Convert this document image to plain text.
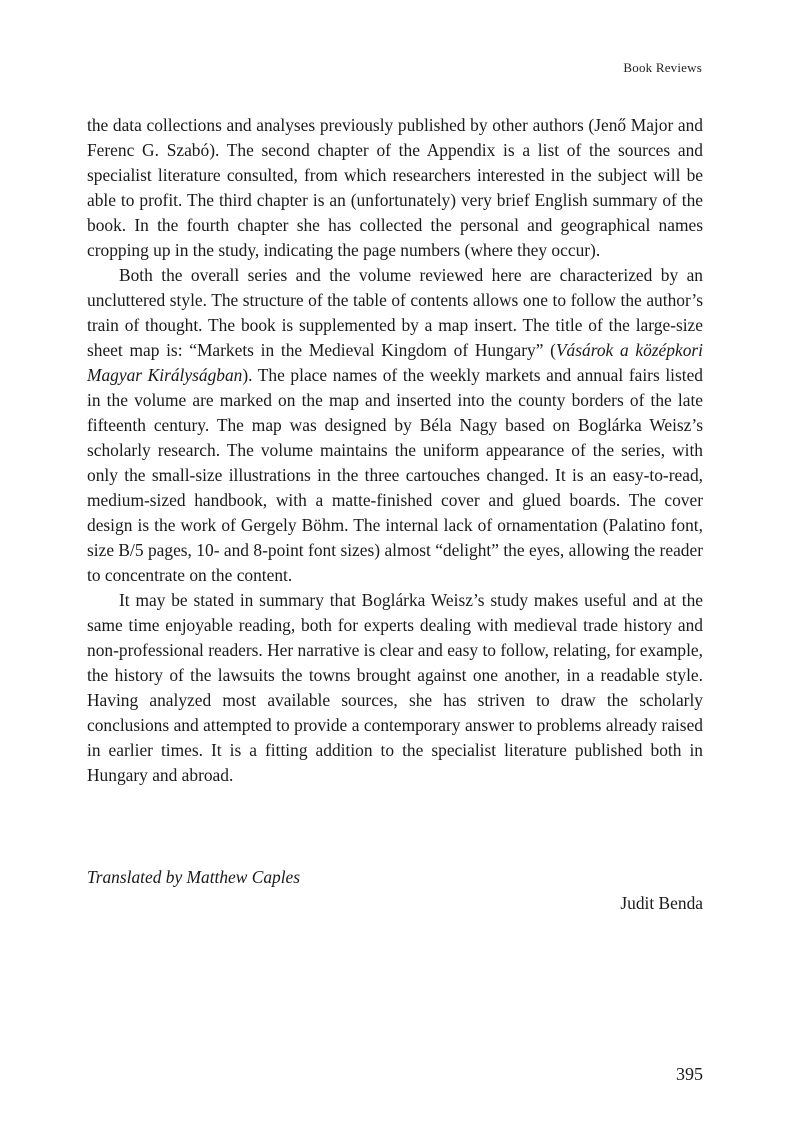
Book Reviews

the data collections and analyses previously published by other authors (Jenő Major and Ferenc G. Szabó). The second chapter of the Appendix is a list of the sources and specialist literature consulted, from which researchers interested in the subject will be able to profit. The third chapter is an (unfortunately) very brief English summary of the book. In the fourth chapter she has collected the personal and geographical names cropping up in the study, indicating the page numbers (where they occur).

Both the overall series and the volume reviewed here are characterized by an uncluttered style. The structure of the table of contents allows one to follow the author’s train of thought. The book is supplemented by a map insert. The title of the large-size sheet map is: “Markets in the Medieval Kingdom of Hungary” (Vásárok a középkori Magyar Királyságban). The place names of the weekly markets and annual fairs listed in the volume are marked on the map and inserted into the county borders of the late fifteenth century. The map was designed by Béla Nagy based on Boglárka Weisz’s scholarly research. The volume maintains the uniform appearance of the series, with only the small-size illustrations in the three cartouches changed. It is an easy-to-read, medium-sized handbook, with a matte-finished cover and glued boards. The cover design is the work of Gergely Böhm. The internal lack of ornamentation (Palatino font, size B/5 pages, 10- and 8-point font sizes) almost “delight” the eyes, allowing the reader to concentrate on the content.

It may be stated in summary that Boglárka Weisz’s study makes useful and at the same time enjoyable reading, both for experts dealing with medieval trade history and non-professional readers. Her narrative is clear and easy to follow, relating, for example, the history of the lawsuits the towns brought against one another, in a readable style. Having analyzed most available sources, she has striven to draw the scholarly conclusions and attempted to provide a contemporary answer to problems already raised in earlier times. It is a fitting addition to the specialist literature published both in Hungary and abroad.

Translated by Matthew Caples
Judit Benda
395
